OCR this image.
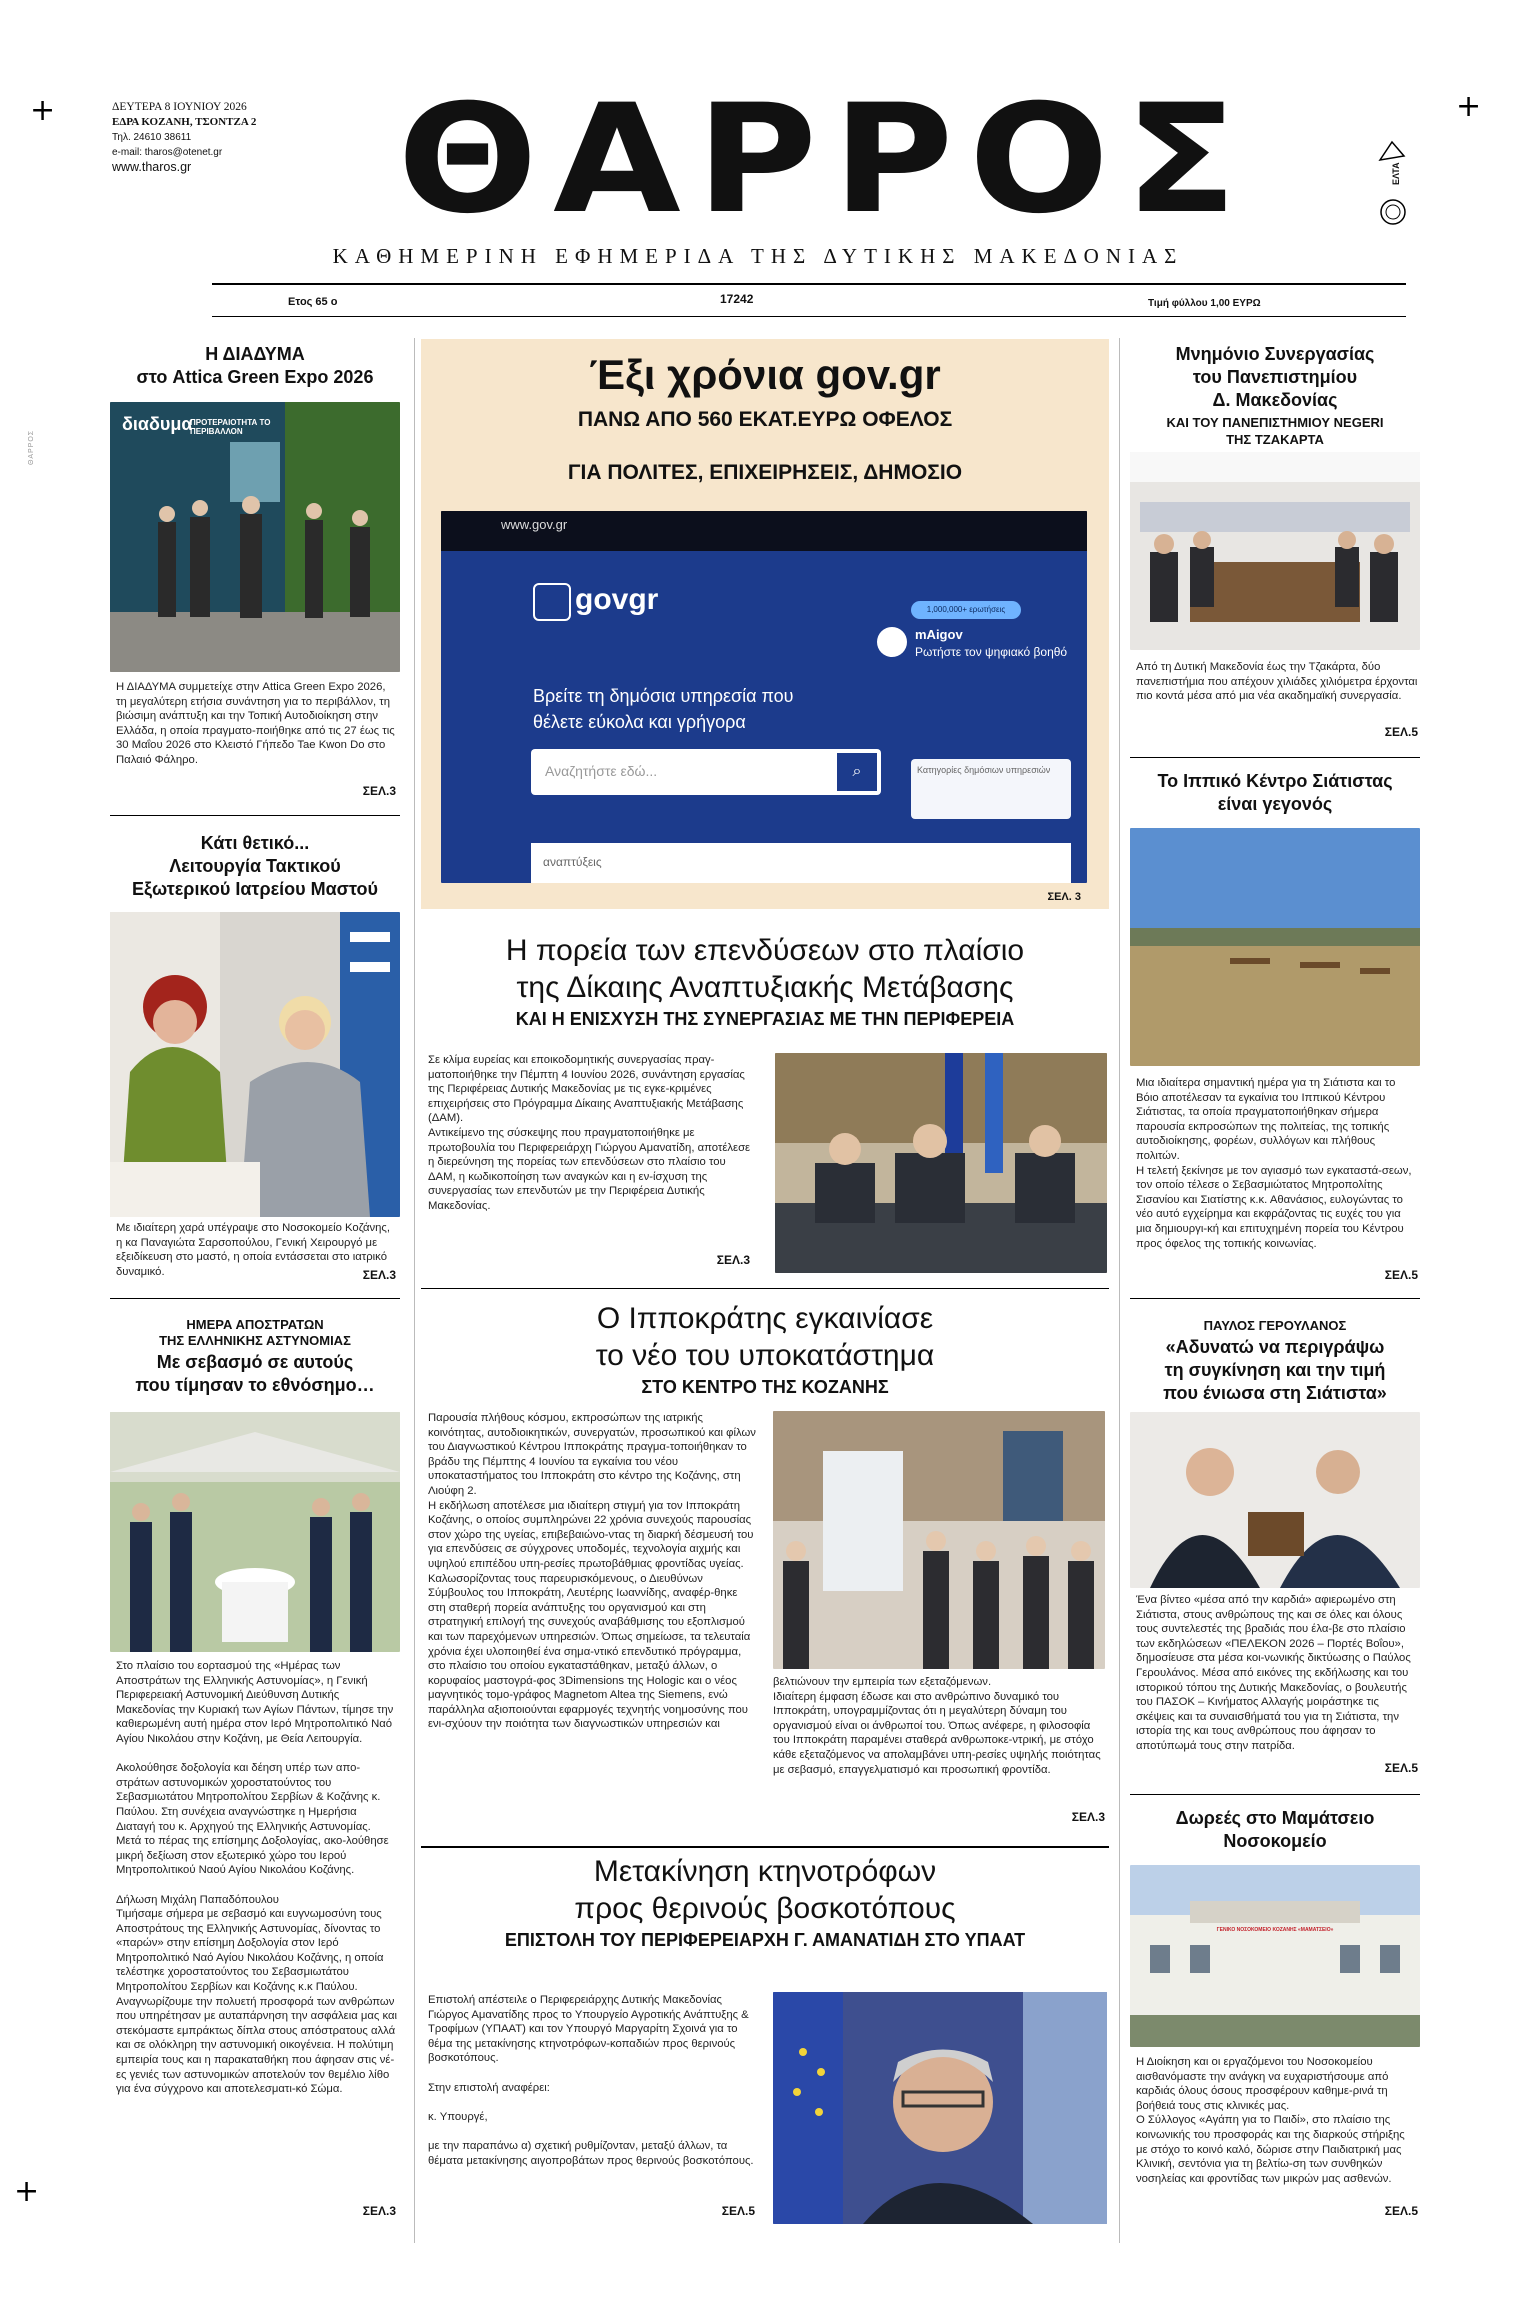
+	+
+
ΘΑΡΡΟΣ
ΔΕΥΤΕΡΑ 8 ΙΟΥΝΙΟΥ 2026
ΕΔΡΑ ΚΟΖΑΝΗ, ΤΣΟΝΤΖΑ 2
Τηλ. 24610 38611
e-mail: tharos@otenet.gr
www.tharos.gr	ΘΑΡΡΟΣ	ΕΛΤΑ
ΚΑΘΗΜΕΡΙΝΗ ΕΦΗΜΕΡΙΔΑ ΤΗΣ ΔΥΤΙΚΗΣ ΜΑΚΕΔΟΝΙΑΣ
Ετος 65 ο	17242	Τιμή φύλλου 1,00 ΕΥΡΩ
Η ΔΙΑΔΥΜΑ
στο Attica Green Expo 2026
διαδυμα
ΠΡΟΤΕΡΑΙΟΤΗΤΑ ΤΟ ΠΕΡΙΒΑΛΛΟΝ
Η ΔΙΑΔΥΜΑ συμμετείχε στην Attica Green Expo 2026, τη μεγαλύτερη ετήσια συνάντηση για το περιβάλλον, τη βιώσιμη ανάπτυξη και την Τοπική Αυτοδιοίκηση στην Ελλάδα, η οποία πραγματο-ποιήθηκε από τις 27 έως τις 30 Μαΐου 2026 στο Κλειστό Γήπεδο Tae Kwon Do στο Παλαιό Φάληρο.
ΣΕΛ.3
Κάτι θετικό...
Λειτουργία Τακτικού
Εξωτερικού Ιατρείου Μαστού
Με ιδιαίτερη χαρά υπέγραψε στο Νοσοκομείο Κοζάνης, η κα Παναγιώτα Σαρσοπούλου, Γενική Χειρουργό με εξειδίκευση στο μαστό, η οποία εντάσσεται στο ιατρικό δυναμικό.	ΣΕΛ.3
ΗΜΕΡΑ ΑΠΟΣΤΡΑΤΩΝ
ΤΗΣ ΕΛΛΗΝΙΚΗΣ ΑΣΤΥΝΟΜΙΑΣ
Με σεβασμό σε αυτούς
που τίμησαν το εθνόσημο…
Στο πλαίσιο του εορτασμού της «Ημέρας των Αποστράτων της Ελληνικής Αστυνομίας», η Γενική Περιφερειακή Αστυνομική Διεύθυνση Δυτικής Μακεδονίας την Κυριακή των Αγίων Πάντων, τίμησε την καθιερωμένη αυτή ημέρα στον Ιερό Μητροπολιτικό Ναό Αγίου Νικολάου στην Κοζάνη, με Θεία Λειτουργία.

Ακολούθησε δοξολογία και δέηση υπέρ των απο-στράτων αστυνομικών χοροστατούντος του Σεβασμιωτάτου Μητροπολίτου Σερβίων & Κοζάνης κ. Παύλου. Στη συνέχεια αναγνώστηκε η Ημερήσια Διαταγή του κ. Αρχηγού της Ελληνικής Αστυνομίας.
Μετά το πέρας της επίσημης Δοξολογίας, ακο-λούθησε μικρή δεξίωση στον εξωτερικό χώρο του Ιερού Μητροπολιτικού Ναού Αγίου Νικολάου Κοζάνης.

Δήλωση Μιχάλη Παπαδόπουλου
Τιμήσαμε σήμερα με σεβασμό και ευγνωμοσύνη τους Αποστράτους της Ελληνικής Αστυνομίας, δίνοντας το «παρών» στην επίσημη Δοξολογία στον Ιερό Μητροπολιτικό Ναό Αγίου Νικολάου Κοζάνης, η οποία τελέστηκε χοροστατούντος του Σεβασμιωτάτου Μητροπολίτου Σερβίων και Κοζάνης κ.κ Παύλου.
Αναγνωρίζουμε την πολυετή προσφορά των ανθρώπων που υπηρέτησαν με αυταπάρνηση την ασφάλεια μας και στεκόμαστε εμπράκτως δίπλα στους απόστρατους αλλά και σε ολόκληρη την αστυνομική οικογένεια. Η πολύτιμη εμπειρία τους και η παρακαταθήκη που άφησαν στις νέ-ες γενιές των αστυνομικών αποτελούν τον θεμέλιο λίθο για ένα σύγχρονο και αποτελεσματι-κό Σώμα.
ΣΕΛ.3
Έξι χρόνια gov.gr
ΠΑΝΩ ΑΠΟ 560 ΕΚΑΤ.ΕΥΡΩ ΟΦΕΛΟΣ
ΓΙΑ ΠΟΛΙΤΕΣ, ΕΠΙΧΕΙΡΗΣΕΙΣ, ΔΗΜΟΣΙΟ
www.gov.gr
govgr
Βρείτε τη δημόσια υπηρεσία που θέλετε εύκολα και γρήγορα
Αναζητήστε εδώ...	⌕
1,000,000+ ερωτήσεις
mAigov
Ρωτήστε τον ψηφιακό βοηθό
Κατηγορίες δημόσιων υπηρεσιών
αναπτύξεις
ΣΕΛ. 3
Η πορεία των επενδύσεων στο πλαίσιο
της Δίκαιης Αναπτυξιακής Μετάβασης
ΚΑΙ Η ΕΝΙΣΧΥΣΗ ΤΗΣ ΣΥΝΕΡΓΑΣΙΑΣ ΜΕ ΤΗΝ ΠΕΡΙΦΕΡΕΙΑ
Σε κλίμα ευρείας και εποικοδομητικής συνεργασίας πραγ-ματοποιήθηκε την Πέμπτη 4 Ιουνίου 2026, συνάντηση εργασίας της Περιφέρειας Δυτικής Μακεδονίας με τις εγκε-κριμένες επιχειρήσεις στο Πρόγραμμα Δίκαιης Αναπτυξιακής Μετάβασης (ΔΑΜ).
Αντικείμενο της σύσκεψης που πραγματοποιήθηκε με πρωτοβουλία του Περιφερειάρχη Γιώργου Αμανατίδη, αποτέλεσε η διερεύνηση της πορείας των επενδύσεων στο πλαίσιο του ΔΑΜ, η κωδικοποίηση των αναγκών και η εν-ίσχυση της συνεργασίας των επενδυτών με την Περιφέρεια Δυτικής Μακεδονίας.
ΣΕΛ.3
Ο Ιπποκράτης εγκαινίασε
το νέο του υποκατάστημα
ΣΤΟ ΚΕΝΤΡΟ ΤΗΣ ΚΟΖΑΝΗΣ
Παρουσία πλήθους κόσμου, εκπροσώπων της ιατρικής κοινότητας, αυτοδιοικητικών, συνεργατών, προσωπικού και φίλων του Διαγνωστικού Κέντρου Ιπποκράτης πραγμα-τοποιήθηκαν το βράδυ της Πέμπτης 4 Ιουνίου τα εγκαίνια του νέου υποκαταστήματος του Ιπποκράτη στο κέντρο της Κοζάνης, στη Λιούφη 2.
Η εκδήλωση αποτέλεσε μια ιδιαίτερη στιγμή για τον Ιπποκράτη Κοζάνης, ο οποίος συμπληρώνει 22 χρόνια συνεχούς παρουσίας στον χώρο της υγείας, επιβεβαιώνο-ντας τη διαρκή δέσμευσή του για επενδύσεις σε σύγχρονες υποδομές, τεχνολογία αιχμής και υψηλού επιπέδου υπη-ρεσίες πρωτοβάθμιας φροντίδας υγείας.
Καλωσορίζοντας τους παρευρισκόμενους, ο Διευθύνων Σύμβουλος του Ιπποκράτη, Λευτέρης Ιωαννίδης, αναφέρ-θηκε στη σταθερή πορεία ανάπτυξης του οργανισμού και στη στρατηγική επιλογή της συνεχούς αναβάθμισης του εξοπλισμού και των παρεχόμενων υπηρεσιών. Όπως σημείωσε, τα τελευταία χρόνια έχει υλοποιηθεί ένα σημα-ντικό επενδυτικό πρόγραμμα, στο πλαίσιο του οποίου εγκαταστάθηκαν, μεταξύ άλλων, ο κορυφαίος μαστογρά-φος 3Dimensions της Hologic και ο νέος μαγνητικός τομο-γράφος Magnetom Altea της Siemens, ενώ παράλληλα αξιοποιούνται εφαρμογές τεχνητής νοημοσύνης που ενι-σχύουν την ποιότητα των διαγνωστικών υπηρεσιών και
βελτιώνουν την εμπειρία των εξεταζόμενων.
Ιδιαίτερη έμφαση έδωσε και στο ανθρώπινο δυναμικό του Ιπποκράτη, υπογραμμίζοντας ότι η μεγαλύτερη δύναμη του οργανισμού είναι οι άνθρωποί του. Όπως ανέφερε, η φιλοσοφία του Ιπποκράτη παραμένει σταθερά ανθρωποκε-ντρική, με στόχο κάθε εξεταζόμενος να απολαμβάνει υπη-ρεσίες υψηλής ποιότητας με σεβασμό, επαγγελματισμό και προσωπική φροντίδα.
ΣΕΛ.3
Μετακίνηση κτηνοτρόφων
προς θερινούς βοσκοτόπους
ΕΠΙΣΤΟΛΗ ΤΟΥ ΠΕΡΙΦΕΡΕΙΑΡΧΗ Γ. ΑΜΑΝΑΤΙΔΗ ΣΤΟ ΥΠΑΑΤ
Επιστολή απέστειλε ο Περιφερειάρχης Δυτικής Μακεδονίας Γιώργος Αμανατίδης προς το Υπουργείο Αγροτικής Ανάπτυξης & Τροφίμων (ΥΠΑΑΤ) και τον Υπουργό Μαργαρίτη Σχοινά για το θέμα της μετακίνησης κτηνοτρόφων-κοπαδιών προς θερινούς βοσκοτόπους.

Στην επιστολή αναφέρει:

κ. Υπουργέ,

με την παραπάνω α) σχετική ρυθμίζονταν, μεταξύ άλλων, τα θέματα μετακίνησης αιγοπροβάτων προς θερινούς βοσκοτόπους.
ΣΕΛ.5
Μνημόνιο Συνεργασίας
του Πανεπιστημίου
Δ. Μακεδονίας
ΚΑΙ ΤΟΥ ΠΑΝΕΠΙΣΤΗΜΙΟΥ NEGERI
ΤΗΣ ΤΖΑΚΑΡΤΑ
Από τη Δυτική Μακεδονία έως την Τζακάρτα, δύο πανεπιστήμια που απέχουν χιλιάδες χιλιόμετρα έρχονται πιο κοντά μέσα από μια νέα ακαδημαϊκή συνεργασία.
ΣΕΛ.5
Το Ιππικό Κέντρο Σιάτιστας
είναι γεγονός
Μια ιδιαίτερα σημαντική ημέρα για τη Σιάτιστα και το Βόιο αποτέλεσαν τα εγκαίνια του Ιππικού Κέντρου Σιάτιστας, τα οποία πραγματοποιήθηκαν σήμερα παρουσία εκπροσώπων της πολιτείας, της τοπικής αυτοδιοίκησης, φορέων, συλλόγων και πλήθους πολιτών.
Η τελετή ξεκίνησε με τον αγιασμό των εγκαταστά-σεων, τον οποίο τέλεσε ο Σεβασμιώτατος Μητροπολίτης Σισανίου και Σιατίστης κ.κ. Αθανάσιος, ευλογώντας το νέο αυτό εγχείρημα και εκφράζοντας τις ευχές του για μια δημιουργι-κή και επιτυχημένη πορεία του Κέντρου προς όφελος της τοπικής κοινωνίας.
ΣΕΛ.5
ΠΑΥΛΟΣ ΓΕΡΟΥΛΑΝΟΣ
«Αδυνατώ να περιγράψω
τη συγκίνηση και την τιμή
που ένιωσα στη Σιάτιστα»
Ένα βίντεο «μέσα από την καρδιά» αφιερωμένο στη Σιάτιστα, στους ανθρώπους της και σε όλες και όλους τους συντελεστές της βραδιάς που έλα-βε στο πλαίσιο των εκδηλώσεων «ΠΕΛΕΚΟΝ 2026 – Πορτές Βοΐου», δημοσίευσε στα μέσα κοι-νωνικής δικτύωσης ο Παύλος Γερουλάνος. Μέσα από εικόνες της εκδήλωσης και του ιστορικού τόπου της Δυτικής Μακεδονίας, ο βουλευτής του ΠΑΣΟΚ – Κινήματος Αλλαγής μοιράστηκε τις σκέψεις και τα συναισθήματά του για τη Σιάτιστα, την ιστορία της και τους ανθρώπους που άφησαν το αποτύπωμά τους στην πατρίδα.
ΣΕΛ.5
Δωρεές στο Μαμάτσειο
Νοσοκομείο
ΓΕΝΙΚΟ ΝΟΣΟΚΟΜΕΙΟ ΚΟΖΑΝΗΣ «ΜΑΜΑΤΣΕΙΟ»
Η Διοίκηση και οι εργαζόμενοι του Νοσοκομείου αισθανόμαστε την ανάγκη να ευχαριστήσουμε από καρδιάς όλους όσους προσφέρουν καθημε-ρινά τη βοήθειά τους στις κλινικές μας.
Ο Σύλλογος «Αγάπη για το Παιδί», στο πλαίσιο της κοινωνικής του προσφοράς και της διαρκούς στήριξης με στόχο το κοινό καλό, δώρισε στην Παιδιατρική μας Κλινική, σεντόνια για τη βελτίω-ση των συνθηκών νοσηλείας και φροντίδας των μικρών μας ασθενών.
ΣΕΛ.5
